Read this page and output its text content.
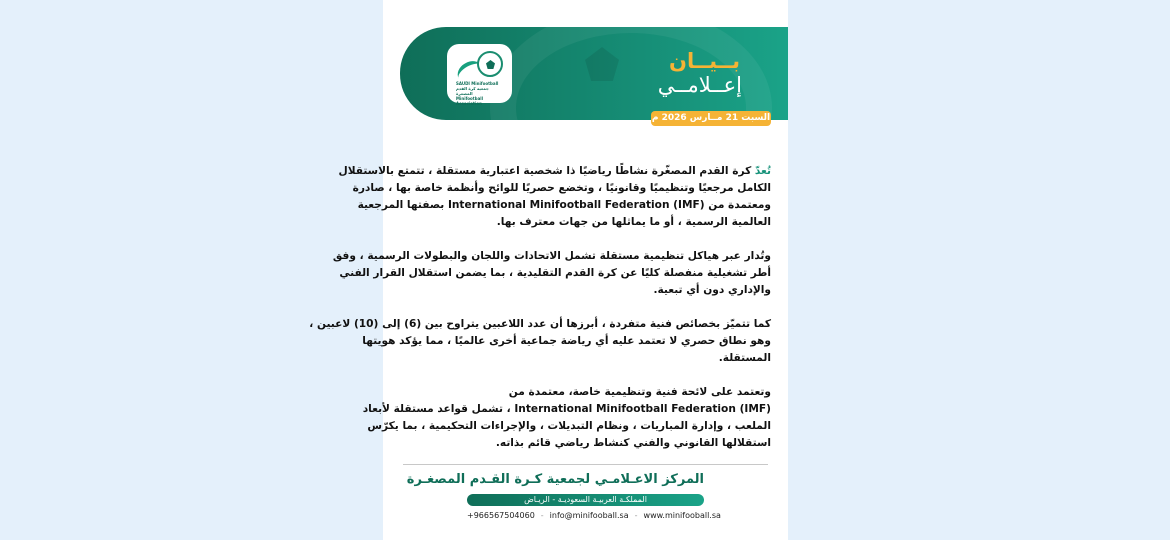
SAUDI Minifootball
جمعية كرة القدم المصغرة
Minifootball Association
بــيــان
إعــلامــي
السبت 21 مــارس 2026 م
تُعدّ كرة القدم المصغّرة نشاطًا رياضيًا ذا شخصية اعتبارية مستقلة ، تتمتع بالاستقلال
الكامل مرجعيًا وتنظيميًا وقانونيًا ، وتخضع حصريًا للوائح وأنظمة خاصة بها ، صادرة
ومعتمدة من International Minifootball Federation (IMF) بصفتها المرجعية
العالمية الرسمية ، أو ما يماثلها من جهات معترف بها.
وتُدار عبر هياكل تنظيمية مستقلة تشمل الاتحادات واللجان والبطولات الرسمية ، وفق
أطر تشغيلية منفصلة كليًا عن كرة القدم التقليدية ، بما يضمن استقلال القرار الفني
والإداري دون أي تبعية.
كما تتميّز بخصائص فنية متفردة ، أبرزها أن عدد اللاعبين يتراوح بين (6) إلى (10) لاعبين ،
وهو نطاق حصري لا تعتمد عليه أي رياضة جماعية أخرى عالميًا ، مما يؤكد هويتها
المستقلة.
وتعتمد على لائحة فنية وتنظيمية خاصة، معتمدة من
(IMF) International Minifootball Federation ، تشمل قواعد مستقلة لأبعاد
الملعب ، وإدارة المباريات ، ونظام التبديلات ، والإجراءات التحكيمية ، بما يكرّس
استقلالها القانوني والفني كنشاط رياضي قائم بذاته.
المركز الاعـلامـي لجمعية كـرة القـدم المصغـرة
المملكـة العربيـة السعوديـة - الريـاض
+966567504060 - info@minifooball.sa - www.minifooball.sa
